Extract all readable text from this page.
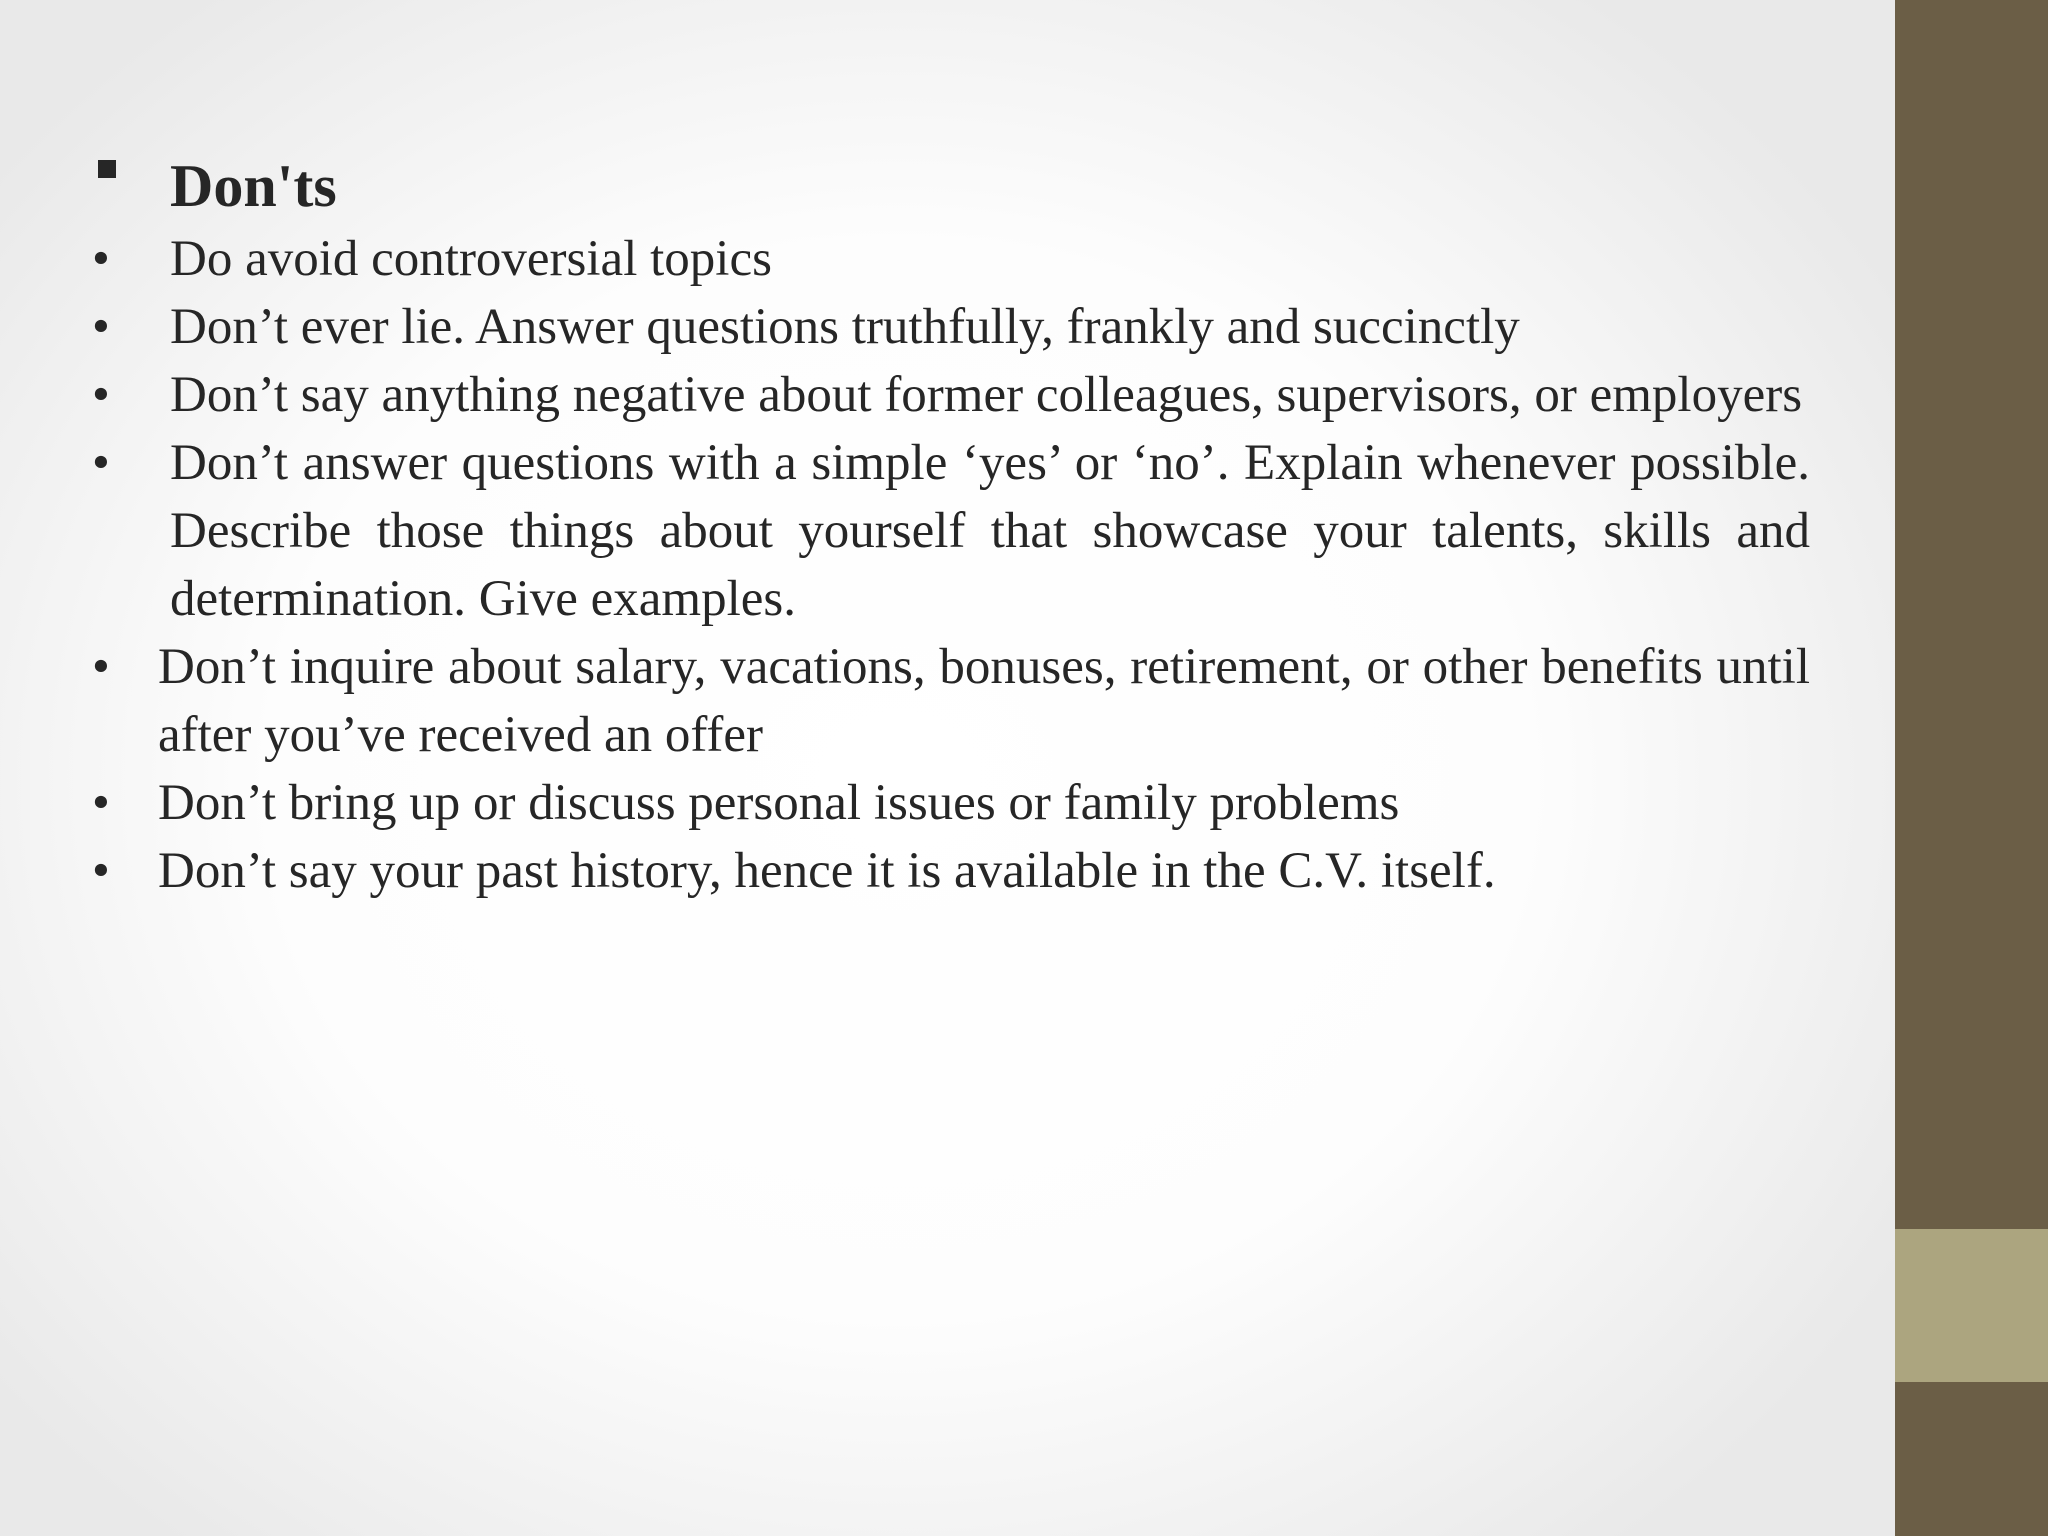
Don'ts
•	Do avoid controversial topics
•	Don’t ever lie. Answer questions truthfully, frankly and succinctly
•	Don’t say anything negative about former colleagues, supervisors, or employers
•	Don’t answer questions with a simple ‘yes’ or ‘no’. Explain whenever possible. Describe those things about yourself that showcase your talents, skills and determination. Give examples.
• Don’t inquire about salary, vacations, bonuses, retirement, or other benefits until after you’ve received an offer
• Don’t bring up or discuss personal issues or family problems
• Don’t say your past history, hence it is available in the C.V. itself.
